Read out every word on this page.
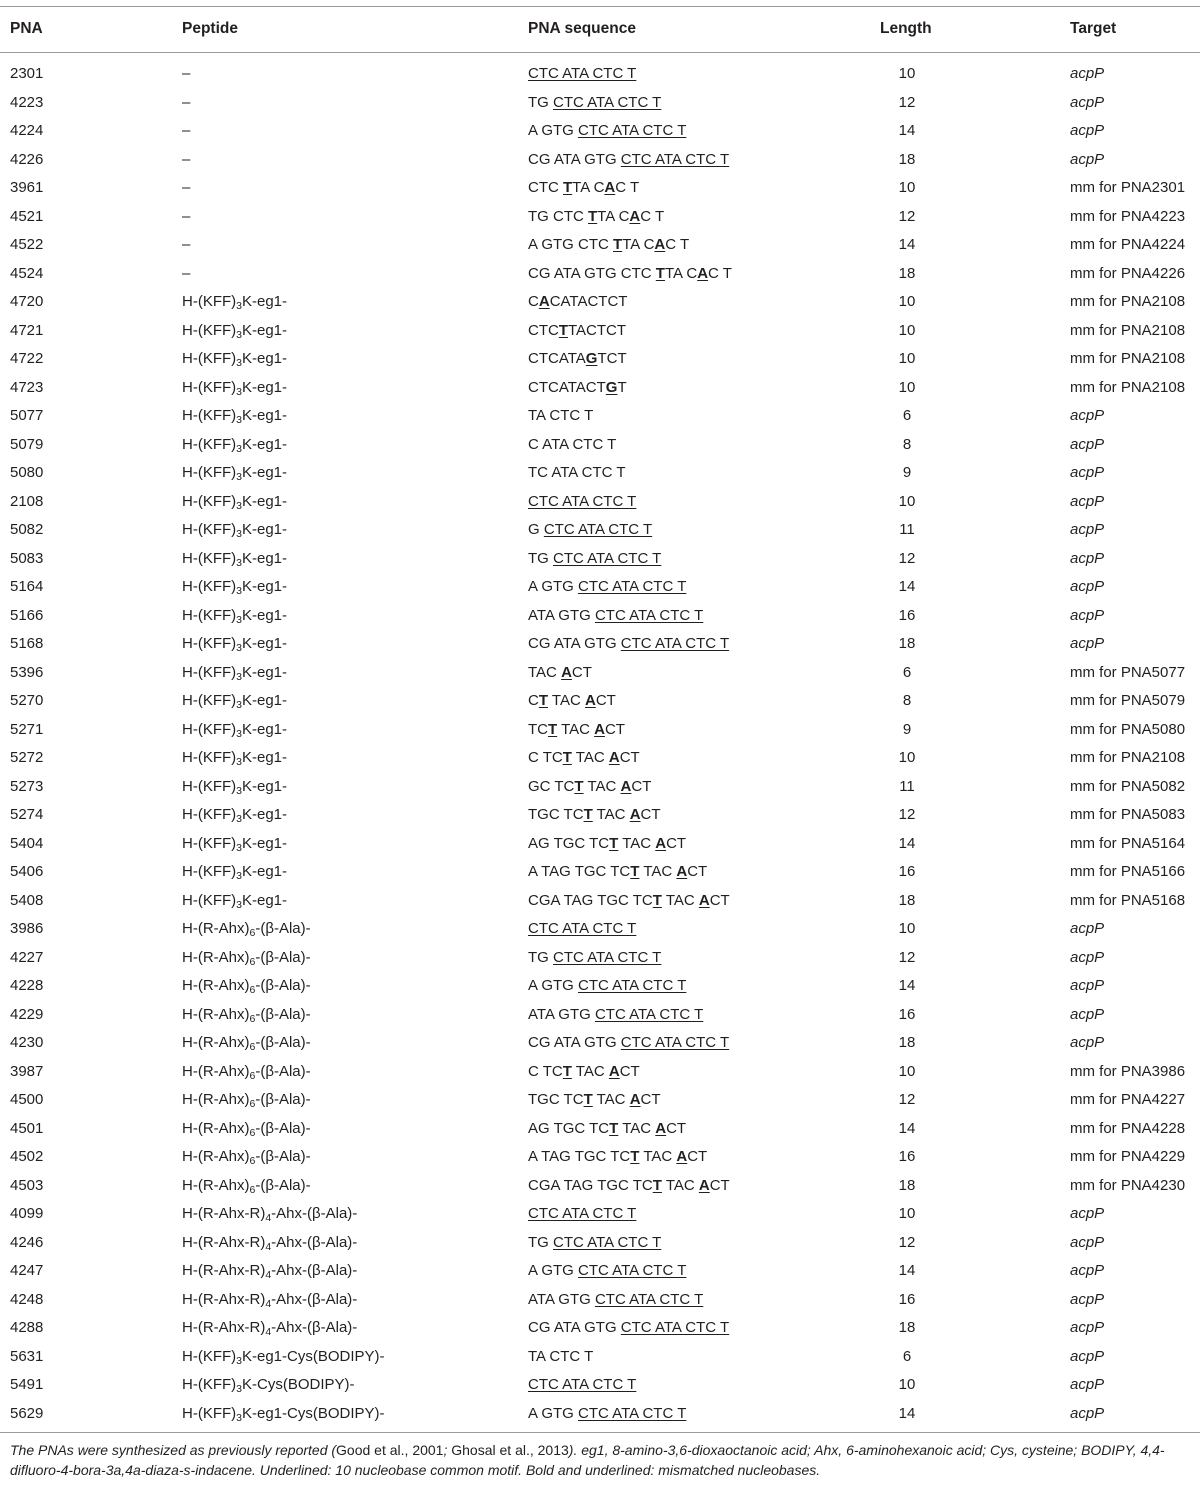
PNA	Peptide	PNA sequence	Length	Target
2301	–	CTC ATA CTC T	10	acpP
4223	–	TG CTC ATA CTC T	12	acpP
4224	–	A GTG CTC ATA CTC T	14	acpP
4226	–	CG ATA GTG CTC ATA CTC T	18	acpP
3961	–	CTC TTA CAC T	10	mm for PNA2301
4521	–	TG CTC TTA CAC T	12	mm for PNA4223
4522	–	A GTG CTC TTA CAC T	14	mm for PNA4224
4524	–	CG ATA GTG CTC TTA CAC T	18	mm for PNA4226
4720	$H-(KFF)_3K-eg1-$	CACATACTCT	10	mm for PNA2108
4721	$H-(KFF)_3K-eg1-$	CTCTTACTCT	10	mm for PNA2108
4722	$H-(KFF)_3K-eg1-$	CTCATAGTCT	10	mm for PNA2108
4723	$H-(KFF)_3K-eg1-$	CTCATACTGT	10	mm for PNA2108
5077	$H-(KFF)_3K-eg1-$	TA CTC T	6	acpP
5079	$H-(KFF)_3K-eg1-$	C ATA CTC T	8	acpP
5080	$H-(KFF)_3K-eg1-$	TC ATA CTC T	9	acpP
2108	$H-(KFF)_3K-eg1-$	CTC ATA CTC T	10	acpP
5082	$H-(KFF)_3K-eg1-$	G CTC ATA CTC T	11	acpP
5083	$H-(KFF)_3K-eg1-$	TG CTC ATA CTC T	12	acpP
5164	$H-(KFF)_3K-eg1-$	A GTG CTC ATA CTC T	14	acpP
5166	$H-(KFF)_3K-eg1-$	ATA GTG CTC ATA CTC T	16	acpP
5168	$H-(KFF)_3K-eg1-$	CG ATA GTG CTC ATA CTC T	18	acpP
5396	$H-(KFF)_3K-eg1-$	TAC ACT	6	mm for PNA5077
5270	$H-(KFF)_3K-eg1-$	CT TAC ACT	8	mm for PNA5079
5271	$H-(KFF)_3K-eg1-$	TCT TAC ACT	9	mm for PNA5080
5272	$H-(KFF)_3K-eg1-$	C TCT TAC ACT	10	mm for PNA2108
5273	$H-(KFF)_3K-eg1-$	GC TCT TAC ACT	11	mm for PNA5082
5274	$H-(KFF)_3K-eg1-$	TGC TCT TAC ACT	12	mm for PNA5083
5404	$H-(KFF)_3K-eg1-$	AG TGC TCT TAC ACT	14	mm for PNA5164
5406	$H-(KFF)_3K-eg1-$	A TAG TGC TCT TAC ACT	16	mm for PNA5166
5408	$H-(KFF)_3K-eg1-$	CGA TAG TGC TCT TAC ACT	18	mm for PNA5168
3986	$H-(R-Ahx)_6-(\beta-Ala)-$	CTC ATA CTC T	10	acpP
4227	$H-(R-Ahx)_6-(\beta-Ala)-$	TG CTC ATA CTC T	12	acpP
4228	$H-(R-Ahx)_6-(\beta-Ala)-$	A GTG CTC ATA CTC T	14	acpP
4229	$H-(R-Ahx)_6-(\beta-Ala)-$	ATA GTG CTC ATA CTC T	16	acpP
4230	$H-(R-Ahx)_6-(\beta-Ala)-$	CG ATA GTG CTC ATA CTC T	18	acpP
3987	$H-(R-Ahx)_6-(\beta-Ala)-$	C TCT TAC ACT	10	mm for PNA3986
4500	$H-(R-Ahx)_6-(\beta-Ala)-$	TGC TCT TAC ACT	12	mm for PNA4227
4501	$H-(R-Ahx)_6-(\beta-Ala)-$	AG TGC TCT TAC ACT	14	mm for PNA4228
4502	$H-(R-Ahx)_6-(\beta-Ala)-$	A TAG TGC TCT TAC ACT	16	mm for PNA4229
4503	$H-(R-Ahx)_6-(\beta-Ala)-$	CGA TAG TGC TCT TAC ACT	18	mm for PNA4230
4099	$H-(R-Ahx-R)_4-Ahx-(\beta-Ala)-$	CTC ATA CTC T	10	acpP
4246	$H-(R-Ahx-R)_4-Ahx-(\beta-Ala)-$	TG CTC ATA CTC T	12	acpP
4247	$H-(R-Ahx-R)_4-Ahx-(\beta-Ala)-$	A GTG CTC ATA CTC T	14	acpP
4248	$H-(R-Ahx-R)_4-Ahx-(\beta-Ala)-$	ATA GTG CTC ATA CTC T	16	acpP
4288	$H-(R-Ahx-R)_4-Ahx-(\beta-Ala)-$	CG ATA GTG CTC ATA CTC T	18	acpP
5631	$H-(KFF)_3K-eg1-Cys(BODIPY)-$	TA CTC T	6	acpP
5491	$H-(KFF)_3K-Cys(BODIPY)-$	CTC ATA CTC T	10	acpP
5629	$H-(KFF)_3K-eg1-Cys(BODIPY)-$	A GTG CTC ATA CTC T	14	acpP
The PNAs were synthesized as previously reported (Good et al., 2001; Ghosal et al., 2013). eg1, 8-amino-3,6-dioxaoctanoic acid; Ahx, 6-aminohexanoic acid; Cys, cysteine; BODIPY, 4,4-difluoro-4-bora-3a,4a-diaza-s-indacene. Underlined: 10 nucleobase common motif. Bold and underlined: mismatched nucleobases.
